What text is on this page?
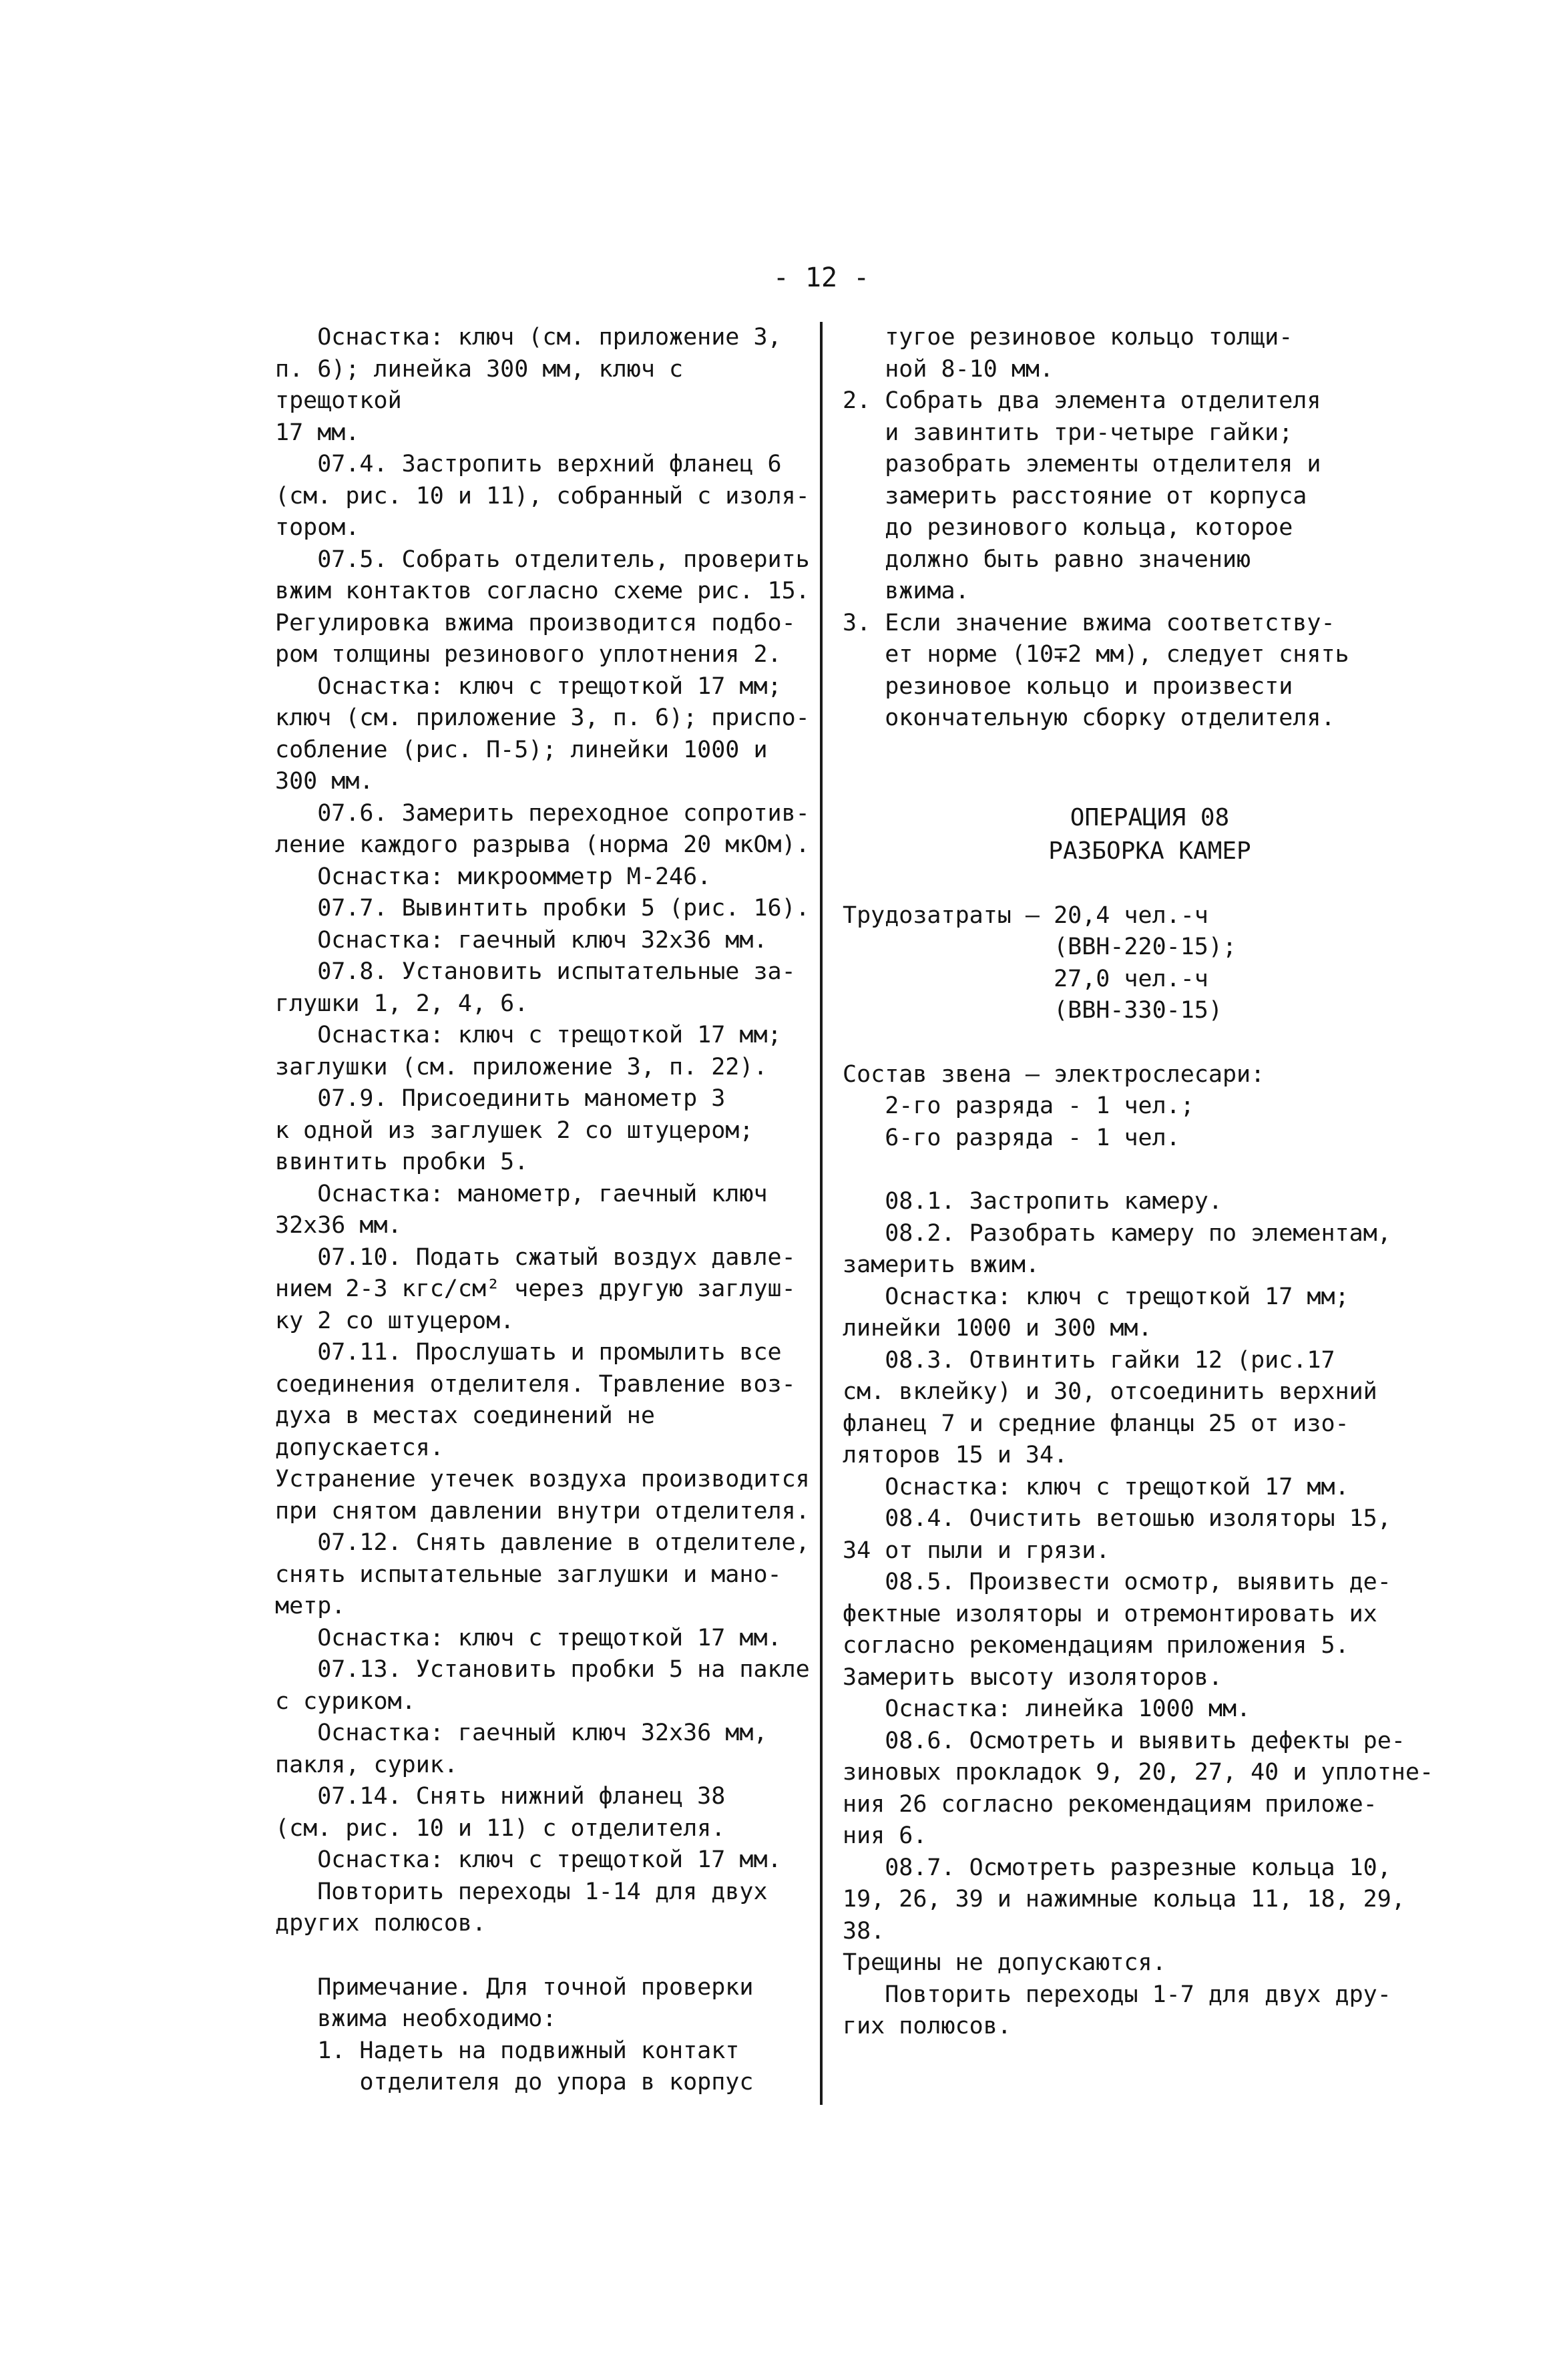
- 12 -

Оснастка: ключ (см. приложение 3,

п. 6); линейка 300 мм, ключ с трещоткой

17 мм.

07.4. Застропить верхний фланец 6

(см. рис. 10 и 11), собранный с изоля-

тором.

07.5. Собрать отделитель, проверить

вжим контактов согласно схеме рис. 15.

Регулировка вжима производится подбо-

ром толщины резинового уплотнения 2.

Оснастка: ключ с трещоткой 17 мм;

ключ (см. приложение 3, п. 6); приспо-

собление (рис. П-5); линейки 1000 и

300 мм.

07.6. Замерить переходное сопротив-

ление каждого разрыва (норма 20 мкОм).

Оснастка: микроомметр М-246.

07.7. Вывинтить пробки 5 (рис. 16).

Оснастка: гаечный ключ 32х36 мм.

07.8. Установить испытательные за-

глушки 1, 2, 4, 6.

Оснастка: ключ с трещоткой 17 мм;

заглушки (см. приложение 3, п. 22).

07.9. Присоединить манометр 3

к одной из заглушек 2 со штуцером;

ввинтить пробки 5.

Оснастка: манометр, гаечный ключ

32х36 мм.

07.10. Подать сжатый воздух давле-

нием 2-3 кгс/см² через другую заглуш-

ку 2 со штуцером.

07.11. Прослушать и промылить все

соединения отделителя. Травление воз-

духа в местах соединений не допускается.

Устранение утечек воздуха производится

при снятом давлении внутри отделителя.

07.12. Снять давление в отделителе,

снять испытательные заглушки и мано-

метр.

Оснастка: ключ с трещоткой 17 мм.

07.13. Установить пробки 5 на пакле

с суриком.

Оснастка: гаечный ключ 32х36 мм,

пакля, сурик.

07.14. Снять нижний фланец 38

(см. рис. 10 и 11) с отделителя.

Оснастка: ключ с трещоткой 17 мм.

Повторить переходы 1-14 для двух

других полюсов.

Примечание. Для точной проверки

вжима необходимо:

1. Надеть на подвижный контакт

отделителя до упора в корпус

тугое резиновое кольцо толщи-

ной 8-10 мм.

2. Собрать два элемента отделителя

и завинтить три-четыре гайки;

разобрать элементы отделителя и

замерить расстояние от корпуса

до резинового кольца, которое

должно быть равно значению

вжима.

3. Если значение вжима соответству-

ет норме (10∓2 мм), следует снять

резиновое кольцо и произвести

окончательную сборку отделителя.

ОПЕРАЦИЯ 08

РАЗБОРКА КАМЕР

Трудозатраты — 20,4 чел.-ч

(ВВН-220-15);

27,0 чел.-ч

(ВВН-330-15)

Состав звена — электрослесари:

2-го разряда - 1 чел.;

6-го разряда - 1 чел.

08.1. Застропить камеру.

08.2. Разобрать камеру по элементам,

замерить вжим.

Оснастка: ключ с трещоткой 17 мм;

линейки 1000 и 300 мм.

08.3. Отвинтить гайки 12 (рис.17

см. вклейку) и 30, отсоединить верхний

фланец 7 и средние фланцы 25 от изо-

ляторов 15 и 34.

Оснастка: ключ с трещоткой 17 мм.

08.4. Очистить ветошью изоляторы 15,

34 от пыли и грязи.

08.5. Произвести осмотр, выявить де-

фектные изоляторы и отремонтировать их

согласно рекомендациям приложения 5.

Замерить высоту изоляторов.

Оснастка: линейка 1000 мм.

08.6. Осмотреть и выявить дефекты ре-

зиновых прокладок 9, 20, 27, 40 и уплотне-

ния 26 согласно рекомендациям приложе-

ния 6.

08.7. Осмотреть разрезные кольца 10,

19, 26, 39 и нажимные кольца 11, 18, 29, 38.

Трещины не допускаются.

Повторить переходы 1-7 для двух дру-

гих полюсов.
